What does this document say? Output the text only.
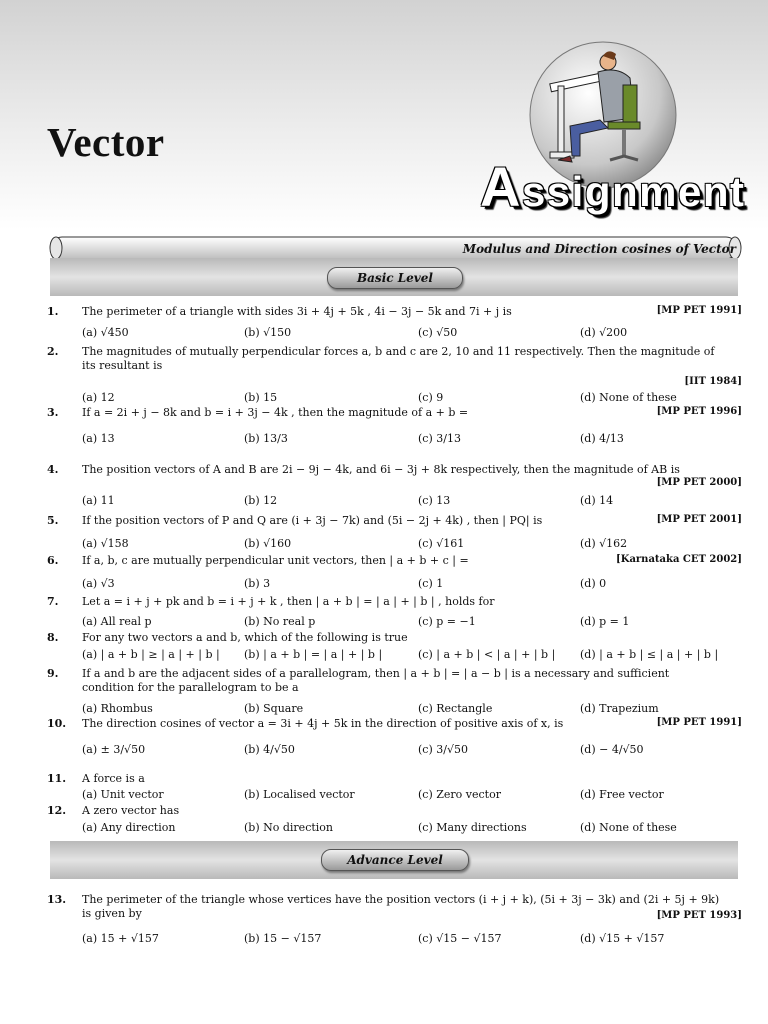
Vector
Assignment
Modulus and Direction cosines of Vector
Basic Level
Advance Level
1. The perimeter of a triangle with sides 3i + 4j + 5k , 4i − 3j − 5k and 7i + j is	[MP PET 1991]
(a) √450	(b) √150	(c) √50	(d) √200
2. The magnitudes of mutually perpendicular forces a, b and c are 2, 10 and 11 respectively. Then the magnitude of its resultant is
[IIT 1984]
(a) 12	(b) 15	(c) 9	(d) None of these
3. If a = 2i + j − 8k and b = i + 3j − 4k , then the magnitude of a + b =	[MP PET 1996]
(a) 13	(b) 13/3	(c) 3/13	(d) 4/13
4. The position vectors of A and B are 2i − 9j − 4k, and 6i − 3j + 8k respectively, then the magnitude of AB is
[MP PET 2000]
(a) 11	(b) 12	(c) 13	(d) 14
5. If the position vectors of P and Q are (i + 3j − 7k) and (5i − 2j + 4k) , then | PQ| is	[MP PET 2001]
(a) √158	(b) √160	(c) √161	(d) √162
6. If a, b, c are mutually perpendicular unit vectors, then | a + b + c | =	[Karnataka CET 2002]
(a) √3	(b) 3	(c) 1	(d) 0
7. Let a = i + j + pk and b = i + j + k , then | a + b | = | a | + | b | , holds for
(a) All real p	(b) No real p	(c) p = −1	(d) p = 1
8. For any two vectors a and b, which of the following is true
(a) | a + b | ≥ | a | + | b | (b) | a + b | = | a | + | b |	(c) | a + b | < | a | + | b | (d) | a + b | ≤ | a | + | b |
9. If a and b are the adjacent sides of a parallelogram, then | a + b | = | a − b | is a necessary and sufficient condition for the parallelogram to be a
(a) Rhombus	(b) Square	(c) Rectangle	(d) Trapezium
10. The direction cosines of vector a = 3i + 4j + 5k in the direction of positive axis of x, is	[MP PET 1991]
(a) ± 3/√50	(b) 4/√50	(c) 3/√50	(d) − 4/√50
11. A force is a
(a) Unit vector	(b) Localised vector	(c) Zero vector	(d) Free vector
12. A zero vector has
(a) Any direction	(b) No direction	(c) Many directions	(d) None of these
13. The perimeter of the triangle whose vertices have the position vectors (i + j + k), (5i + 3j − 3k) and (2i + 5j + 9k) is given by	[MP PET 1993]
(a) 15 + √157	(b) 15 − √157	(c) √15 − √157	(d) √15 + √157
